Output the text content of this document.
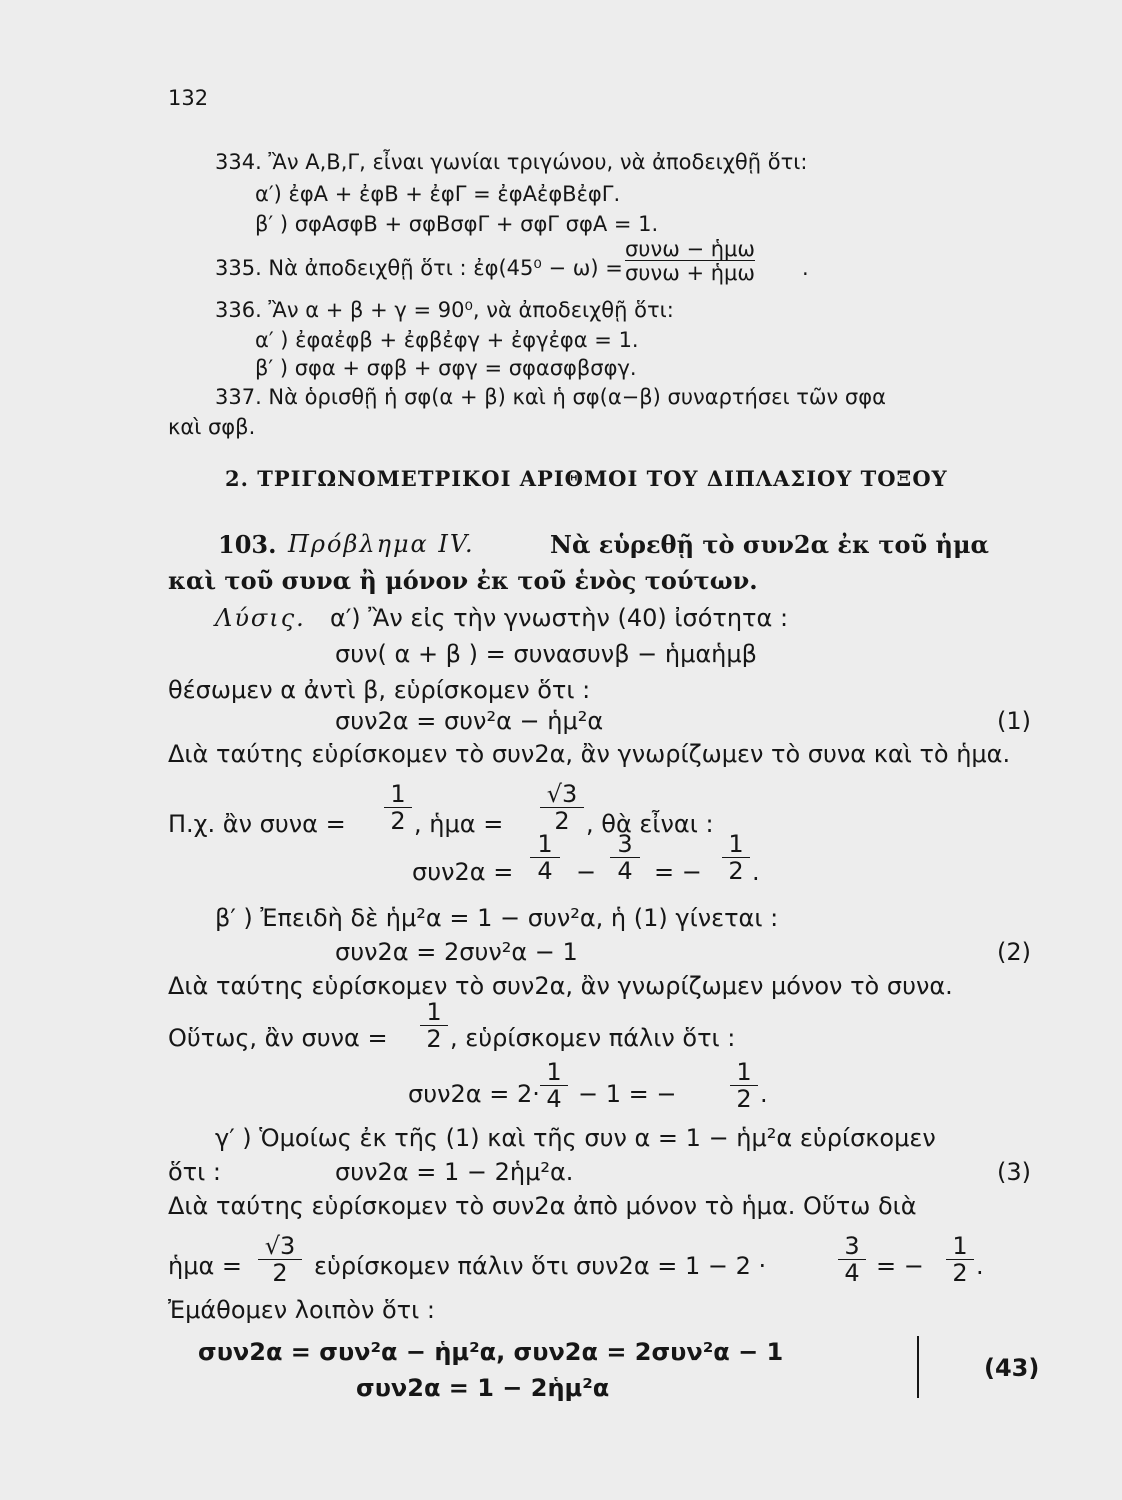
132
334. Ἂν Α,Β,Γ, εἶναι γωνίαι τριγώνου, νὰ ἀποδειχθῇ ὅτι:
α′) ἐφΑ + ἐφΒ + ἐφΓ = ἐφΑἐφΒἐφΓ.
β′ ) σφΑσφΒ + σφΒσφΓ + σφΓ σφΑ = 1.
335. Νὰ ἀποδειχθῇ ὅτι : ἐφ(45⁰ − ω) =
συνω − ἡμω
συνω + ἡμω .
336. Ἂν α + β + γ = 90⁰, νὰ ἀποδειχθῇ ὅτι:
α′ ) ἐφαἐφβ + ἐφβἐφγ + ἐφγἐφα = 1.
β′ ) σφα + σφβ + σφγ = σφασφβσφγ.
337. Νὰ ὁρισθῇ ἡ σφ(α + β) καὶ ἡ σφ(α−β) συναρτήσει τῶν σφα
καὶ σφβ.
2. ΤΡΙΓΩΝΟΜΕΤΡΙΚΟΙ ΑΡΙΘΜΟΙ ΤΟΥ ΔΙΠΛΑΣΙΟΥ ΤΟΞΟΥ
103. Πρόβλημα IV.	Νὰ εὑρεθῇ τὸ συν2α ἐκ τοῦ ἡμα
καὶ τοῦ συνα ἢ μόνον ἐκ τοῦ ἑνὸς τούτων.
Λύσις. α′) Ἂν εἰς τὴν γνωστὴν (40) ἰσότητα :
συν( α + β ) = συνασυνβ − ἡμαἡμβ
θέσωμεν α ἀντὶ β, εὑρίσκομεν ὅτι :
συν2α = συν²α − ἡμ²α	(1)
Διὰ ταύτης εὑρίσκομεν τὸ συν2α, ἂν γνωρίζωμεν τὸ συνα καὶ τὸ ἡμα.
Π.χ. ἂν $\sigma\upsilon\nu\alpha = \frac{1}{2}$ , ἡμα = $\frac{√3}{2}$ , θὰ εἶναι :
$\sigma\upsilon\nu 2\alpha = \frac{1}{4} - \frac{3}{4}$ = − $\frac{1}{2}$ .
β′ ) Ἐπειδὴ δὲ ἡμ²α = 1 − συν²α, ἡ (1) γίνεται :
συν2α = 2συν²α − 1	(2)
Διὰ ταύτης εὑρίσκομεν τὸ συν2α, ἂν γνωρίζωμεν μόνον τὸ συνα.
Οὕτως, ἂν $\sigma\upsilon\nu\alpha = \frac{1}{2}$ , εὑρίσκομεν πάλιν ὅτι :
$\sigma\upsilon\nu 2\alpha = 2\cdot \frac{1}{4} - 1$ = − $\frac{1}{2}$ .
γ′ ) Ὁμοίως ἐκ τῆς (1) καὶ τῆς συν α = 1 − ἡμ²α εὑρίσκομεν
ὅτι :	συν2α = 1 − 2ἡμ²α.	(3)
Διὰ ταύτης εὑρίσκομεν τὸ συν2α ἀπὸ μόνον τὸ ἡμα. Οὕτω διὰ
ἡμα = $\frac{√3}{2}$ εὑρίσκομεν πάλιν ὅτι συν2α = 1 − 2 ·	$\frac{3}{4}$ = − $\frac{1}{2}$ .
Ἐμάθομεν λοιπὸν ὅτι :
συν2α = συν²α − ἡμ²α, συν2α = 2συν²α − 1
συν2α = 1 − 2ἡμ²α
(43)
